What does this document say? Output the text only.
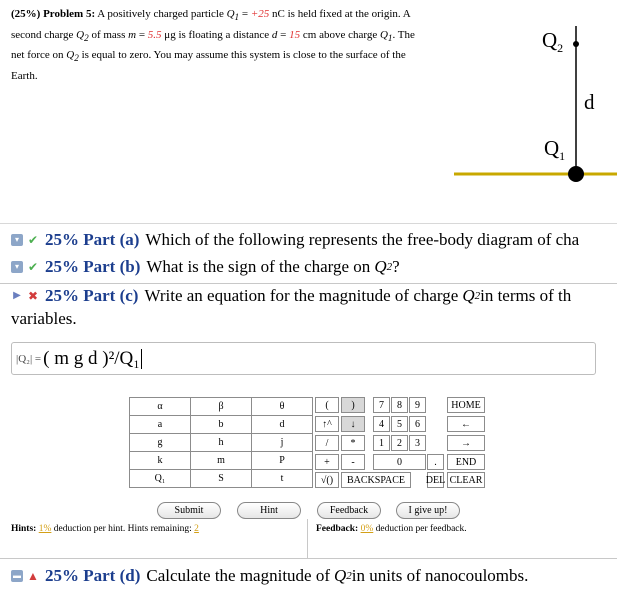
(25%) Problem 5: A positively charged particle $Q_1 = +25$ nC is held fixed at the origin. A second charge $Q_2$ of mass m = 5.5 μg is floating a distance d = 15 cm above charge $Q_1$. The net force on $Q_2$ is equal to zero. You may assume this system is close to the surface of the Earth.
$Q_2$
d
$Q_1$
▾ ✔ 25% Part (a) Which of the following represents the free-body diagram of cha
▾ ✔ 25% Part (b) What is the sign of the charge on Q 2 ?
▶ ✖ 25% Part (c) Write an equation for the magnitude of charge Q 2 in terms of th
variables.
|Q₂| = ( m g d )²/Q₁
α	β	θ
a	b	d
g	h	j
k	m	P
Q₁	S	t
(	)
↑^	↓
/	*
+	-
√()
7	8	9
4	5	6
1	2	3
0	.
BACKSPACE	DEL
HOME
←
→
END
CLEAR
Submit	Hint	Feedback	I give up!
Hints: 1% deduction per hint. Hints remaining: 2	Feedback: 0% deduction per feedback.
▬ ▲ 25% Part (d) Calculate the magnitude of Q 2 in units of nanocoulombs.
